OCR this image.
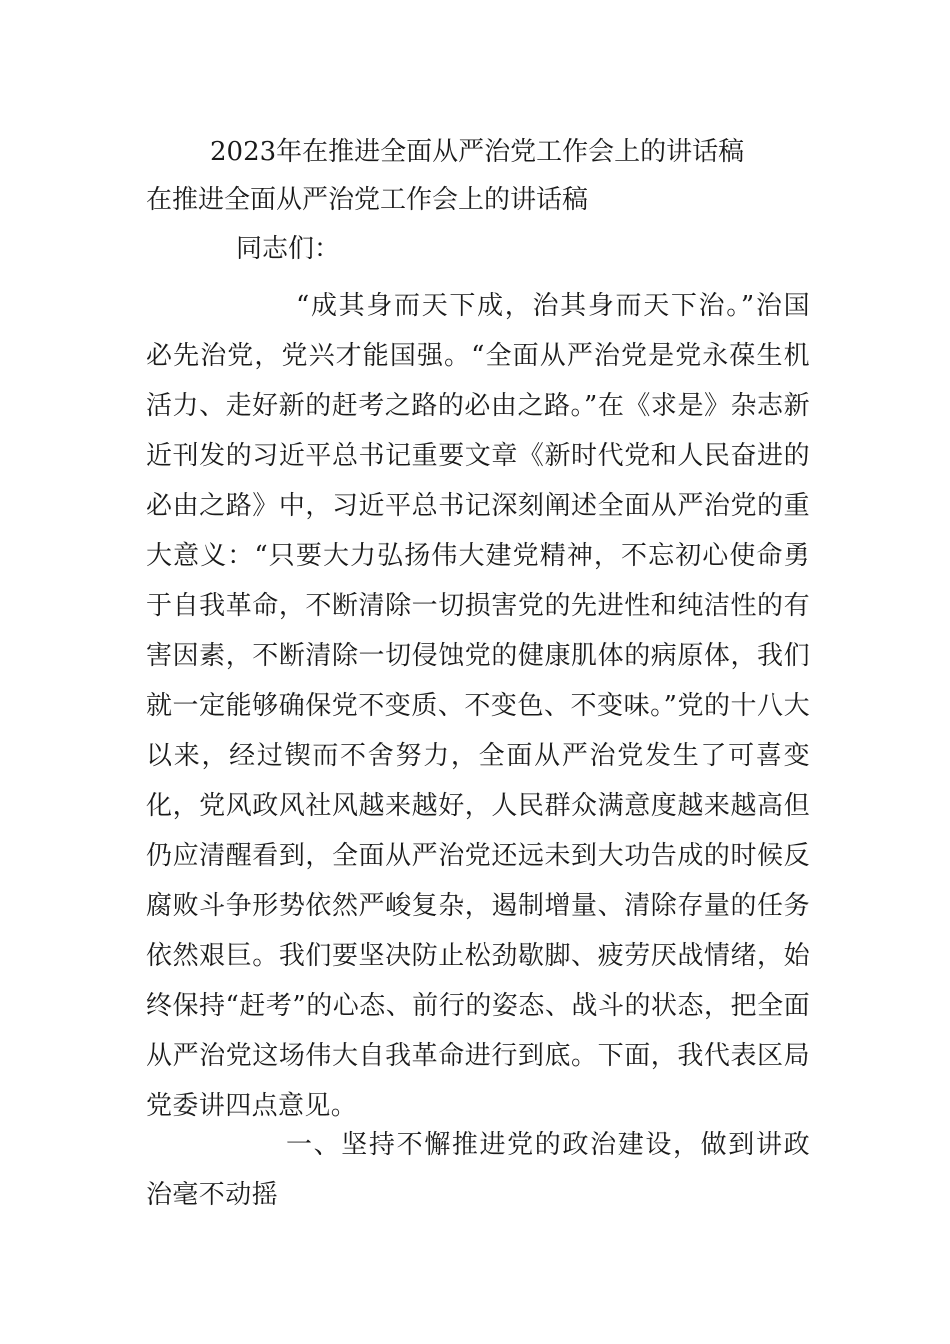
2023年在推进全面从严治党工作会上的讲话稿
在推进全面从严治党工作会上的讲话稿
同志们：

“成其身而天下成，治其身而天下治。”治国必先治党，党兴才能国强。“全面从严治党是党永葆生机活力、走好新的赶考之路的必由之路。”在《求是》杂志新近刊发的习近平总书记重要文章《新时代党和人民奋进的必由之路》中，习近平总书记深刻阐述全面从严治党的重大意义：“只要大力弘扬伟大建党精神，不忘初心使命勇于自我革命，不断清除一切损害党的先进性和纯洁性的有害因素，不断清除一切侵蚀党的健康肌体的病原体，我们就一定能够确保党不变质、不变色、不变味。”党的十八大以来，经过锲而不舍努力，全面从严治党发生了可喜变化，党风政风社风越来越好，人民群众满意度越来越高但仍应清醒看到，全面从严治党还远未到大功告成的时候反腐败斗争形势依然严峻复杂，遏制增量、清除存量的任务依然艰巨。我们要坚决防止松劲歇脚、疲劳厌战情绪，始终保持“赶考”的心态、前行的姿态、战斗的状态，把全面从严治党这场伟大自我革命进行到底。下面，我代表区局党委讲四点意见。

一、坚持不懈推进党的政治建设，做到讲政治毫不动摇
